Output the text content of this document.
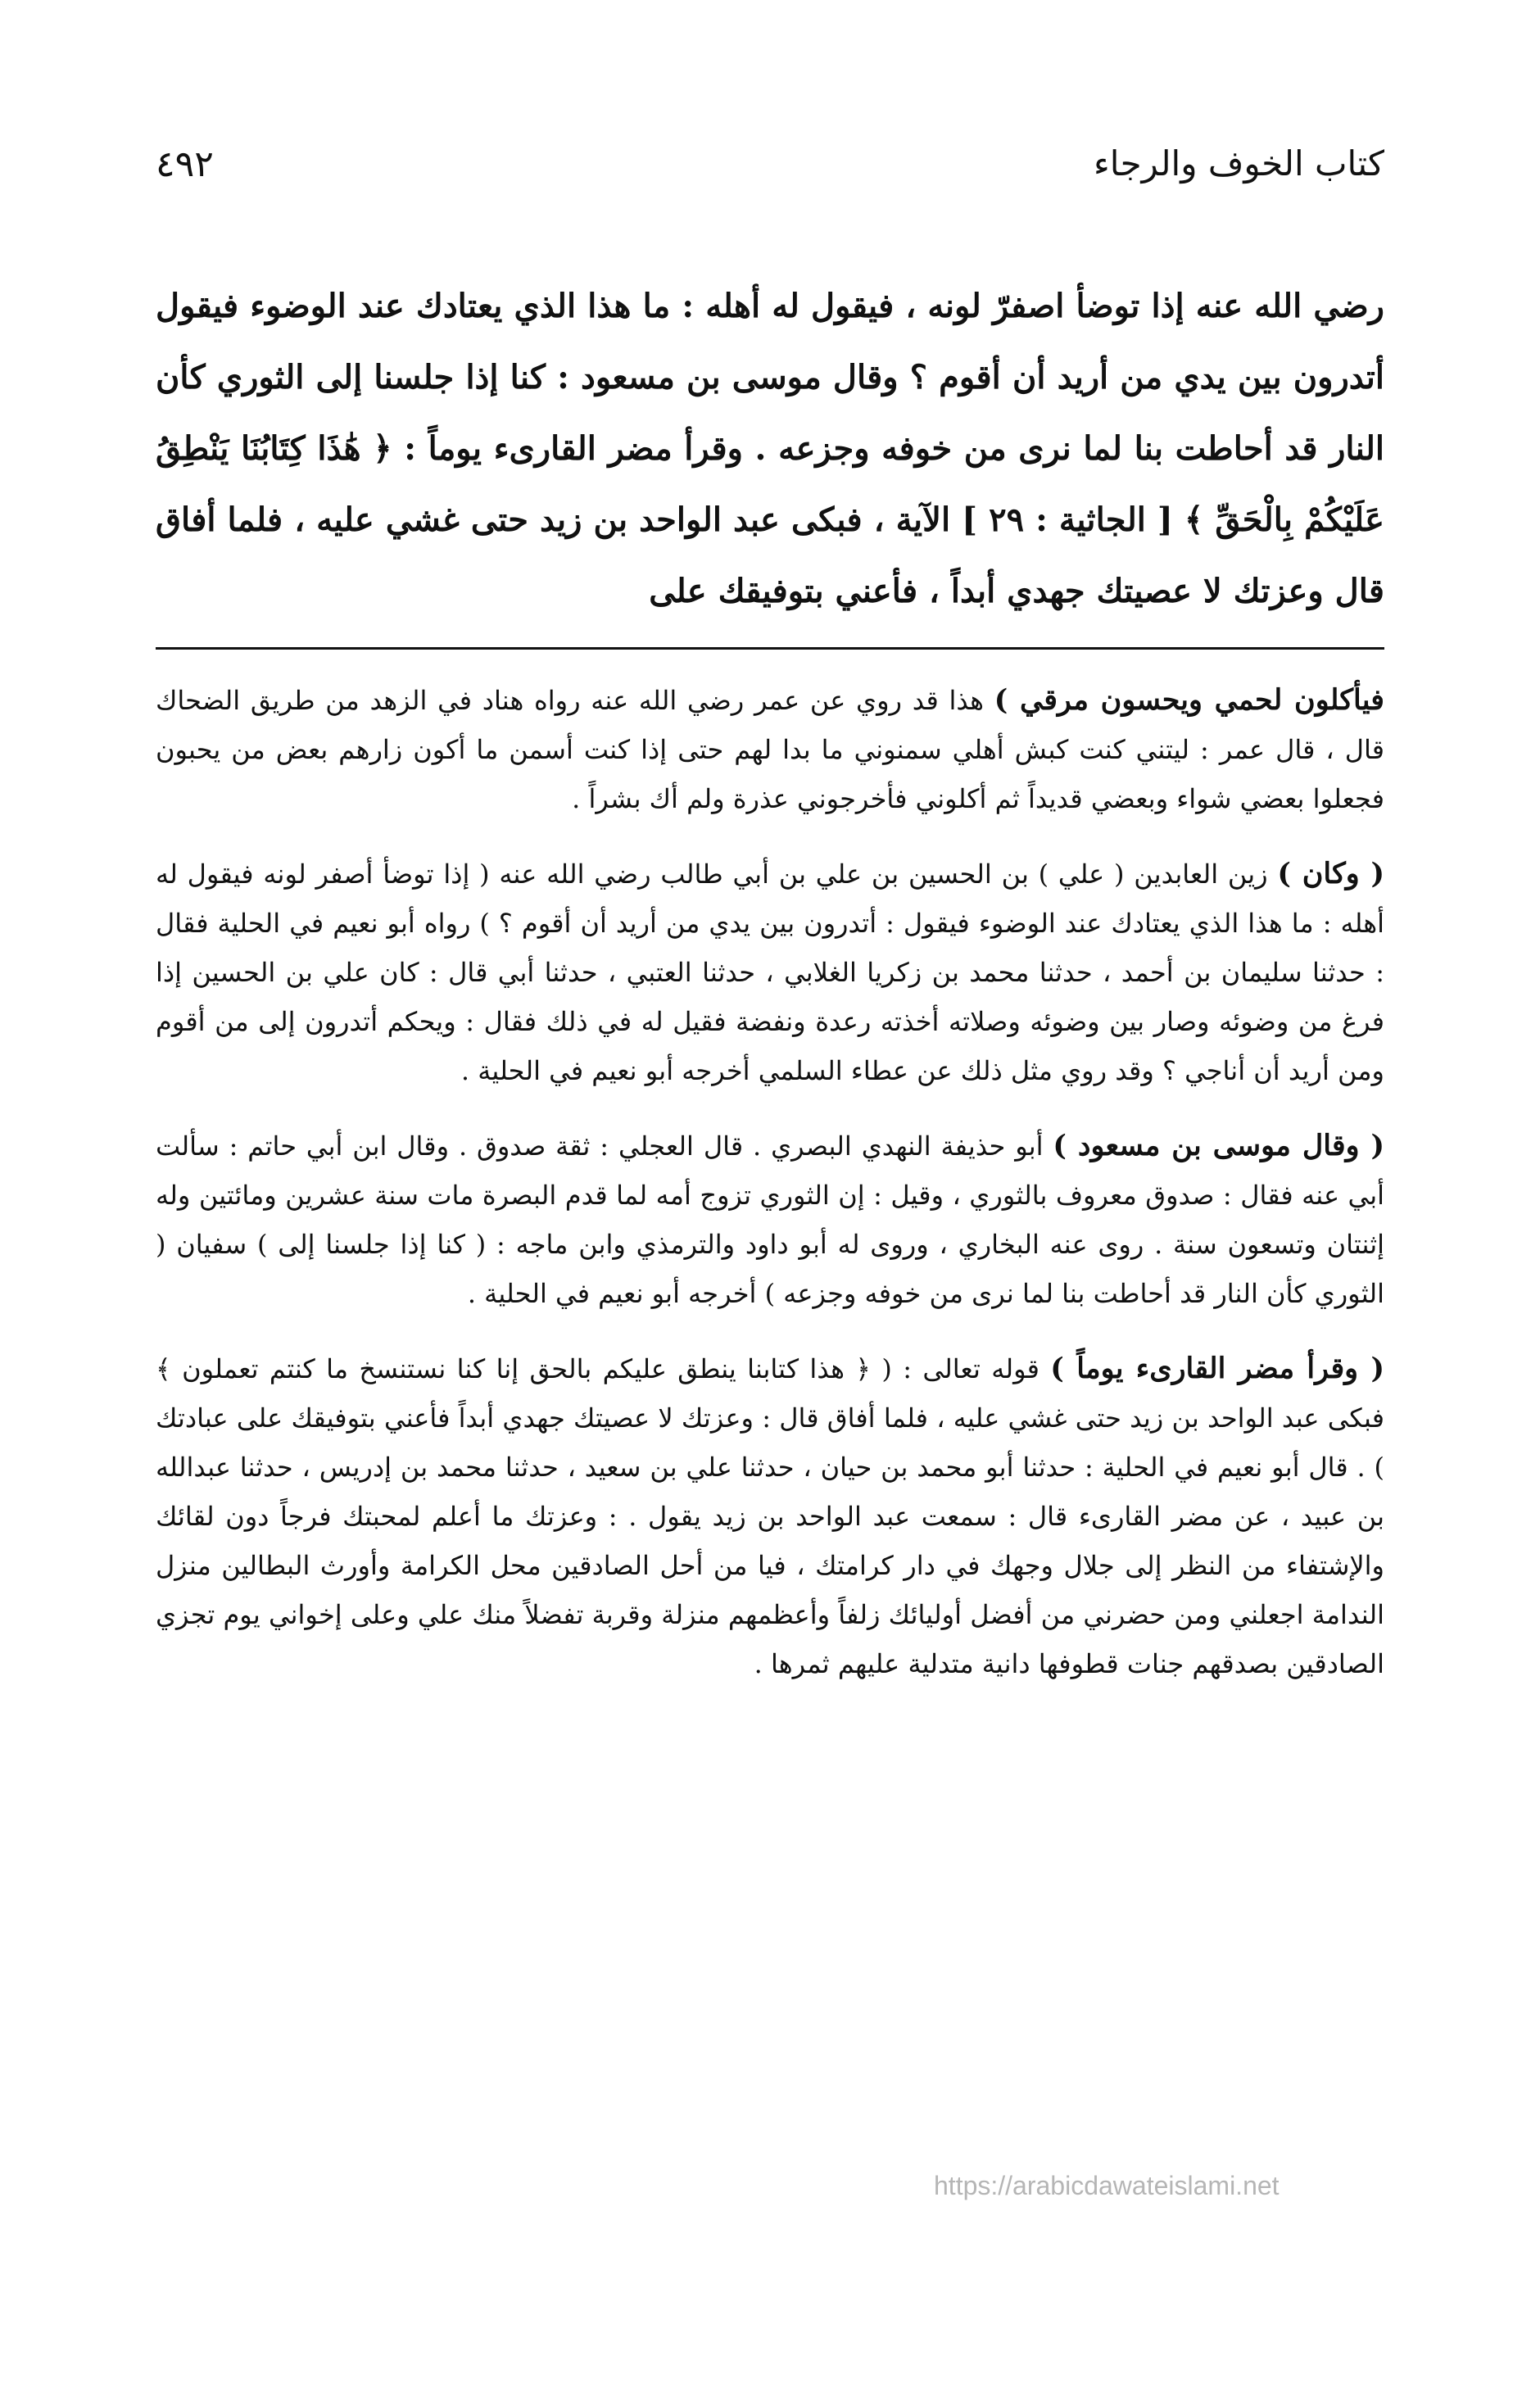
٤٩٢	كتاب الخوف والرجاء

رضي الله عنه إذا توضأ اصفرّ لونه ، فيقول له أهله : ما هذا الذي يعتادك عند الوضوء فيقول أتدرون بين يدي من أريد أن أقوم ؟ وقال موسى بن مسعود : كنا إذا جلسنا إلى الثوري كأن النار قد أحاطت بنا لما نرى من خوفه وجزعه . وقرأ مضر القارىء يوماً : ﴿ هَٰذَا كِتَابُنَا يَنْطِقُ عَلَيْكُمْ بِالْحَقِّ ﴾ [ الجاثية : ٢٩ ] الآية ، فبكى عبد الواحد بن زيد حتى غشي عليه ، فلما أفاق قال وعزتك لا عصيتك جهدي أبداً ، فأعني بتوفيقك على

فيأكلون لحمي ويحسون مرقي ) هذا قد روي عن عمر رضي الله عنه رواه هناد في الزهد من طريق الضحاك قال ، قال عمر : ليتني كنت كبش أهلي سمنوني ما بدا لهم حتى إذا كنت أسمن ما أكون زارهم بعض من يحبون فجعلوا بعضي شواء وبعضي قديداً ثم أكلوني فأخرجوني عذرة ولم أك بشراً .

( وكان ) زين العابدين ( علي ) بن الحسين بن علي بن أبي طالب رضي الله عنه ( إذا توضأ أصفر لونه فيقول له أهله : ما هذا الذي يعتادك عند الوضوء فيقول : أتدرون بين يدي من أريد أن أقوم ؟ ) رواه أبو نعيم في الحلية فقال : حدثنا سليمان بن أحمد ، حدثنا محمد بن زكريا الغلابي ، حدثنا العتبي ، حدثنا أبي قال : كان علي بن الحسين إذا فرغ من وضوئه وصار بين وضوئه وصلاته أخذته رعدة ونفضة فقيل له في ذلك فقال : ويحكم أتدرون إلى من أقوم ومن أريد أن أناجي ؟ وقد روي مثل ذلك عن عطاء السلمي أخرجه أبو نعيم في الحلية .

( وقال موسى بن مسعود ) أبو حذيفة النهدي البصري . قال العجلي : ثقة صدوق . وقال ابن أبي حاتم : سألت أبي عنه فقال : صدوق معروف بالثوري ، وقيل : إن الثوري تزوج أمه لما قدم البصرة مات سنة عشرين ومائتين وله إثنتان وتسعون سنة . روى عنه البخاري ، وروى له أبو داود والترمذي وابن ماجه : ( كنا إذا جلسنا إلى ) سفيان ( الثوري كأن النار قد أحاطت بنا لما نرى من خوفه وجزعه ) أخرجه أبو نعيم في الحلية .

( وقرأ مضر القارىء يوماً ) قوله تعالى : ( ﴿ هذا كتابنا ينطق عليكم بالحق إنا كنا نستنسخ ما كنتم تعملون ﴾ فبكى عبد الواحد بن زيد حتى غشي عليه ، فلما أفاق قال : وعزتك لا عصيتك جهدي أبداً فأعني بتوفيقك على عبادتك ) . قال أبو نعيم في الحلية : حدثنا أبو محمد بن حيان ، حدثنا علي بن سعيد ، حدثنا محمد بن إدريس ، حدثنا عبدالله بن عبيد ، عن مضر القارىء قال : سمعت عبد الواحد بن زيد يقول . : وعزتك ما أعلم لمحبتك فرجاً دون لقائك والإشتفاء من النظر إلى جلال وجهك في دار كرامتك ، فيا من أحل الصادقين محل الكرامة وأورث البطالين منزل الندامة اجعلني ومن حضرني من أفضل أوليائك زلفاً وأعظمهم منزلة وقربة تفضلاً منك علي وعلى إخواني يوم تجزي الصادقين بصدقهم جنات قطوفها دانية متدلية عليهم ثمرها .

https://arabicdawateislami.net
